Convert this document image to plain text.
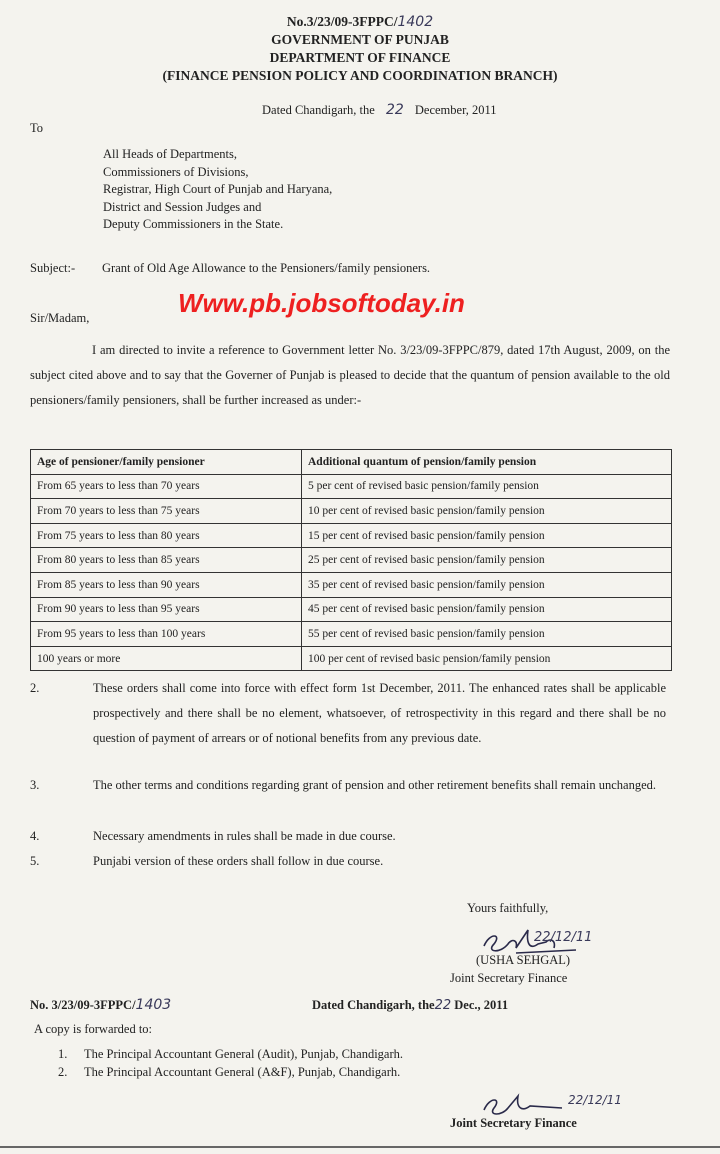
No.3/23/09-3FPPC/1402
GOVERNMENT OF PUNJAB
DEPARTMENT OF FINANCE
(FINANCE PENSION POLICY AND COORDINATION BRANCH)
Dated Chandigarh, the 22 December, 2011
To
All Heads of Departments,
Commissioners of Divisions,
Registrar, High Court of Punjab and Haryana,
District and Session Judges and
Deputy Commissioners in the State.
Subject:- Grant of Old Age Allowance to the Pensioners/family pensioners.
Www.pb.jobsoftoday.in
Sir/Madam,
I am directed to invite a reference to Government letter No. 3/23/09-3FPPC/879, dated 17th August, 2009, on the subject cited above and to say that the Governer of Punjab is pleased to decide that the quantum of pension available to the old pensioners/family pensioners, shall be further increased as under:-
Age of pensioner/family pensioner	Additional quantum of pension/family pension
From 65 years to less than 70 years	5 per cent of revised basic pension/family pension
From 70 years to less than 75 years	10 per cent of revised basic pension/family pension
From 75 years to less than 80 years	15 per cent of revised basic pension/family pension
From 80 years to less than 85 years	25 per cent of revised basic pension/family pension
From 85 years to less than 90 years	35 per cent of revised basic pension/family pension
From 90 years to less than 95 years	45 per cent of revised basic pension/family pension
From 95 years to less than 100 years	55 per cent of revised basic pension/family pension
100 years or more	100 per cent of revised basic pension/family pension
2.	These orders shall come into force with effect form 1st December, 2011. The enhanced rates shall be applicable prospectively and there shall be no element, whatsoever, of retrospectivity in this regard and there shall be no question of payment of arrears or of notional benefits from any previous date.
3.	The other terms and conditions regarding grant of pension and other retirement benefits shall remain unchanged.
4.	Necessary amendments in rules shall be made in due course.
5.	Punjabi version of these orders shall follow in due course.
Yours faithfully,
22/12/11
(USHA SEHGAL)
Joint Secretary Finance
No. 3/23/09-3FPPC/1403	Dated Chandigarh, the22 Dec., 2011
A copy is forwarded to:
1. The Principal Accountant General (Audit), Punjab, Chandigarh.
2. The Principal Accountant General (A&F), Punjab, Chandigarh.
22/12/11
Joint Secretary Finance
